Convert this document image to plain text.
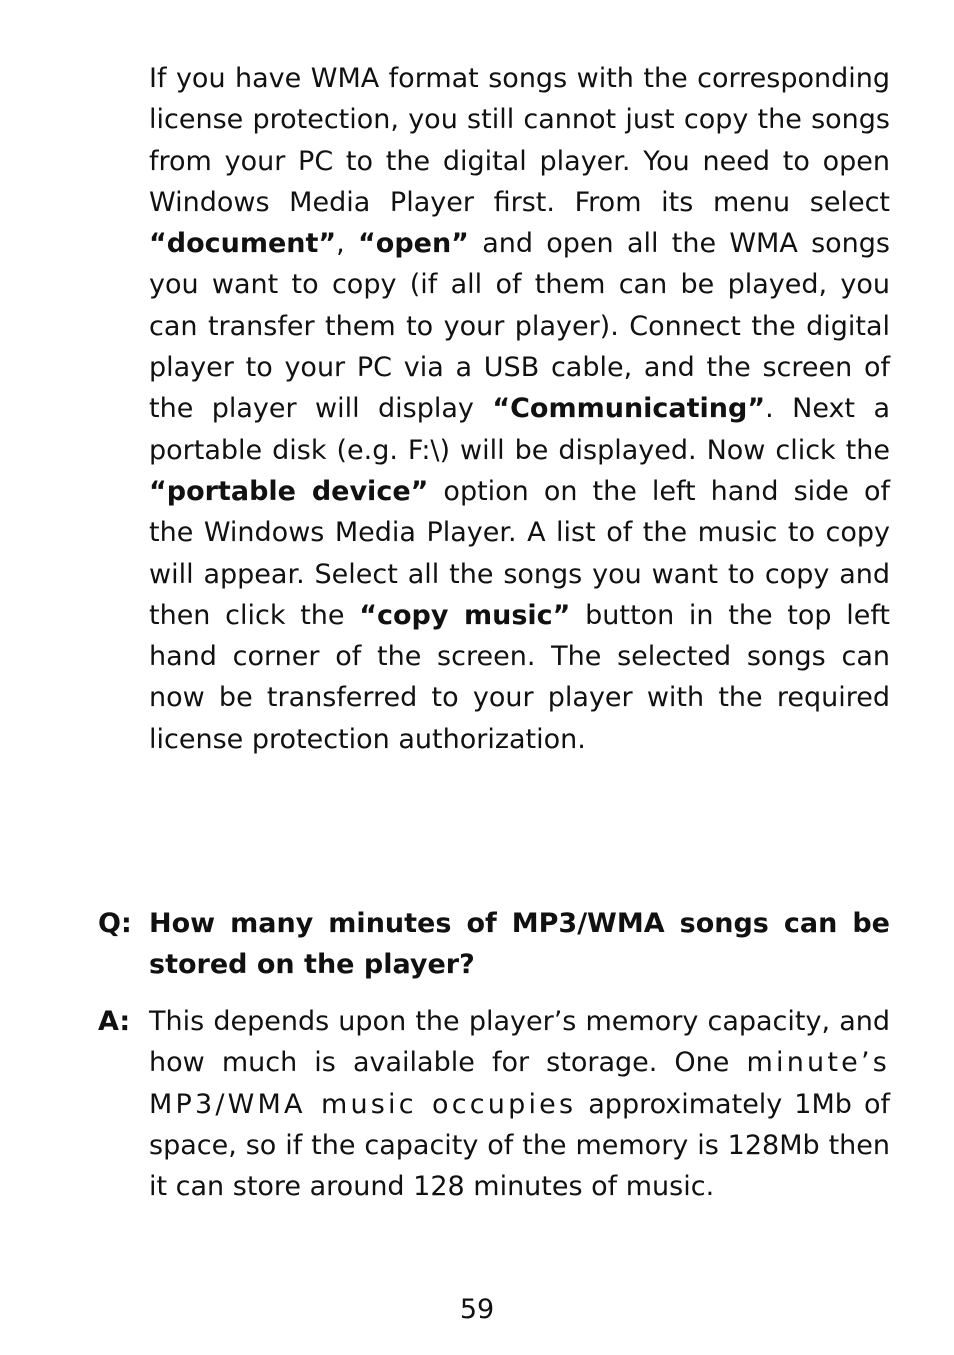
If you have WMA format songs with the corresponding license protection, you still cannot just copy the songs from your PC to the digital player. You need to open Windows Media Player first. From its menu select “document”, “open” and open all the WMA songs you want to copy (if all of them can be played, you can transfer them to your player). Connect the digital player to your PC via a USB cable, and the screen of the player will display “Communicating”. Next a portable disk (e.g. F:\) will be displayed. Now click the “portable device” option on the left hand side of the Windows Media Player. A list of the music to copy will appear. Select all the songs you want to copy and then click the “copy music” button in the top left hand corner of the screen. The selected songs can now be transferred to your player with the required license protection authorization.

Q: How many minutes of MP3/WMA songs can be stored on the player?

A: This depends upon the player’s memory capacity, and how much is available for storage. One minute’s MP3/WMA music occupies approximately 1Mb of space, so if the capacity of the memory is 128Mb then it can store around 128 minutes of music.

59
